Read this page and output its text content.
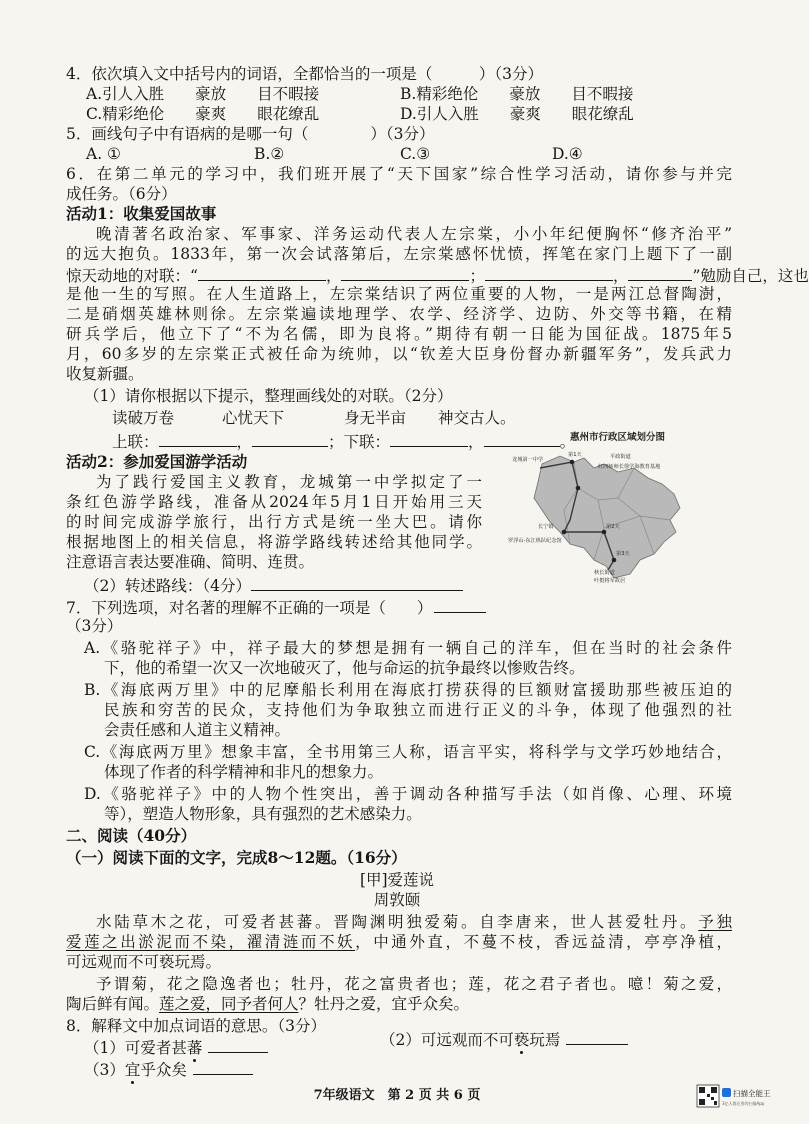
4．依次填入文中括号内的词语，全都恰当的一项是（　　　）（3分）
A.引人入胜　　豪放　　目不暇接	B.精彩绝伦　　豪放　　目不暇接
C.精彩绝伦　　豪爽　　眼花缭乱	D.引人入胜　　豪爽　　眼花缭乱
5．画线句子中有语病的是哪一句（　　　　）（3分）
A. ①	B.②	C.③	D.④
6．在第二单元的学习中，我们班开展了“天下国家”综合性学习活动，请你参与并完
成任务。（6分）
活动1：收集爱国故事
晚清著名政治家、军事家、洋务运动代表人左宗棠，小小年纪便胸怀“修齐治平”
的远大抱负。1833年，第一次会试落第后，左宗棠感怀忧愤，挥笔在家门上题下了一副
惊天动地的对联：“	，	；	，	”勉励自己，这也
是他一生的写照。在人生道路上，左宗棠结识了两位重要的人物，一是两江总督陶澍，
二是硝烟英雄林则徐。左宗棠遍读地理学、农学、经济学、边防、外交等书籍，在精
研兵学后，他立下了“不为名儒，即为良将。”期待有朝一日能为国征战。1875年5
月，60多岁的左宗棠正式被任命为统帅，以“钦差大臣身份督办新疆军务”，发兵武力
收复新疆。
（1）请你根据以下提示，整理画线处的对联。（2分）
读破万卷	心忧天下	身无半亩 神交古人。
上联：	，	；下联：	，	。
活动2：参加爱国游学活动
为了践行爱国主义教育，龙城第一中学拟定了一
条红色游学路线，准备从2024年5月1日开始用三天
的时间完成游学旅行，出行方式是统一坐大巴。请你
根据地图上的相关信息，将游学路线转述给其他同学。
注意语言表达要准确、简明、连贯。
（2）转述路线：（4分）
惠州市行政区域划分图
龙城第一中学
第1天	平政街道
红四师师长徐学海教育基地
第2天
长宁镇
罗浮山-东江纵队纪念馆
第3天
秋长街道
叶挺将军故居
7．下列选项，对名著的理解不正确的一项是（　　）
（3分）
A.《骆驼祥子》中，祥子最大的梦想是拥有一辆自己的洋车，但在当时的社会条件
下，他的希望一次又一次地破灭了，他与命运的抗争最终以惨败告终。
B.《海底两万里》中的尼摩船长利用在海底打捞获得的巨额财富援助那些被压迫的
民族和穷苦的民众，支持他们为争取独立而进行正义的斗争，体现了他强烈的社
会责任感和人道主义精神。
C.《海底两万里》想象丰富，全书用第三人称，语言平实，将科学与文学巧妙地结合，
体现了作者的科学精神和非凡的想象力。
D.《骆驼祥子》中的人物个性突出，善于调动各种描写手法（如肖像、心理、环境
等），塑造人物形象，具有强烈的艺术感染力。
二、阅读（40分）
（一）阅读下面的文字，完成8～12题。（16分）
[甲]爱莲说
周敦颐
水陆草木之花，可爱者甚蕃。晋陶渊明独爱菊。自李唐来，世人甚爱牡丹。予独
爱莲之出淤泥而不染，濯清涟而不妖，中通外直，不蔓不枝，香远益清，亭亭净植，
可远观而不可亵玩焉。
予谓菊，花之隐逸者也；牡丹，花之富贵者也；莲，花之君子者也。噫！菊之爱，
陶后鲜有闻。莲之爱，同予者何人？牡丹之爱，宜乎众矣。
8．解释文中加点词语的意思。（3分）
（1）可爱者甚蕃	（2）可远观而不可亵玩焉
（3）宜乎众矣
7年级语文　第 2 页 共 6 页	扫描全能王
3亿人都在用的扫描App
